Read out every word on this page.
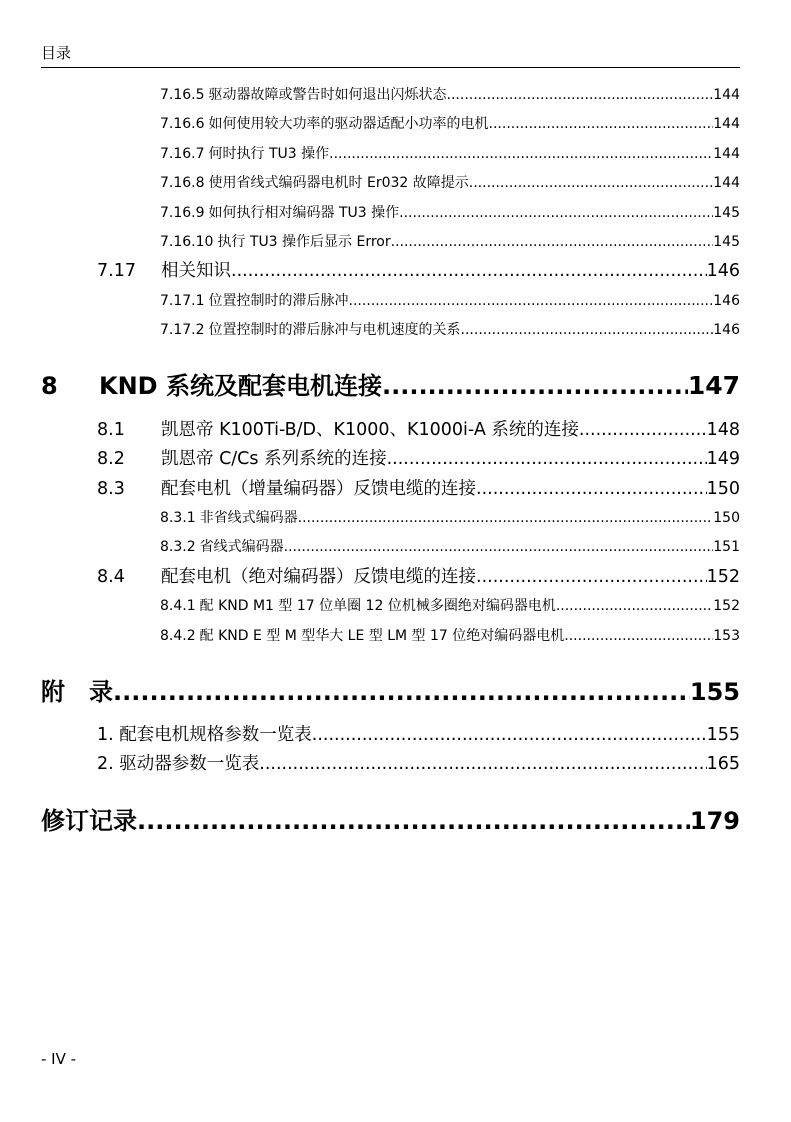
目录
7.16.5 驱动器故障或警告时如何退出闪烁状态 .....	144
7.16.6 如何使用较大功率的驱动器适配小功率的电机 .....	144
7.16.7 何时执行 TU3 操作 .....	144
7.16.8 使用省线式编码器电机时 Er032 故障提示 .....	144
7.16.9 如何执行相对编码器 TU3 操作 .....	145
7.16.10 执行 TU3 操作后显示 Error .....	145
7.17	相关知识 .....	146
7.17.1 位置控制时的滞后脉冲 .....	146
7.17.2 位置控制时的滞后脉冲与电机速度的关系 .....	146
8	KND 系统及配套电机连接 .....	147
8.1	凯恩帝 K100Ti-B/D、K1000、K1000i-A 系统的连接 .....	148
8.2	凯恩帝 C/Cs 系列系统的连接 .....	149
8.3	配套电机（增量编码器）反馈电缆的连接 .....	150
8.3.1 非省线式编码器 .....	150
8.3.2 省线式编码器 .....	151
8.4	配套电机（绝对编码器）反馈电缆的连接 .....	152
8.4.1 配 KND M1 型 17 位单圈 12 位机械多圈绝对编码器电机 .....	152
8.4.2 配 KND E 型 M 型华大 LE 型 LM 型 17 位绝对编码器电机 .....	153
附　录 .....	155
1. 配套电机规格参数一览表 .....	155
2. 驱动器参数一览表 .....	165
修订记录 .....	179
- IV -
